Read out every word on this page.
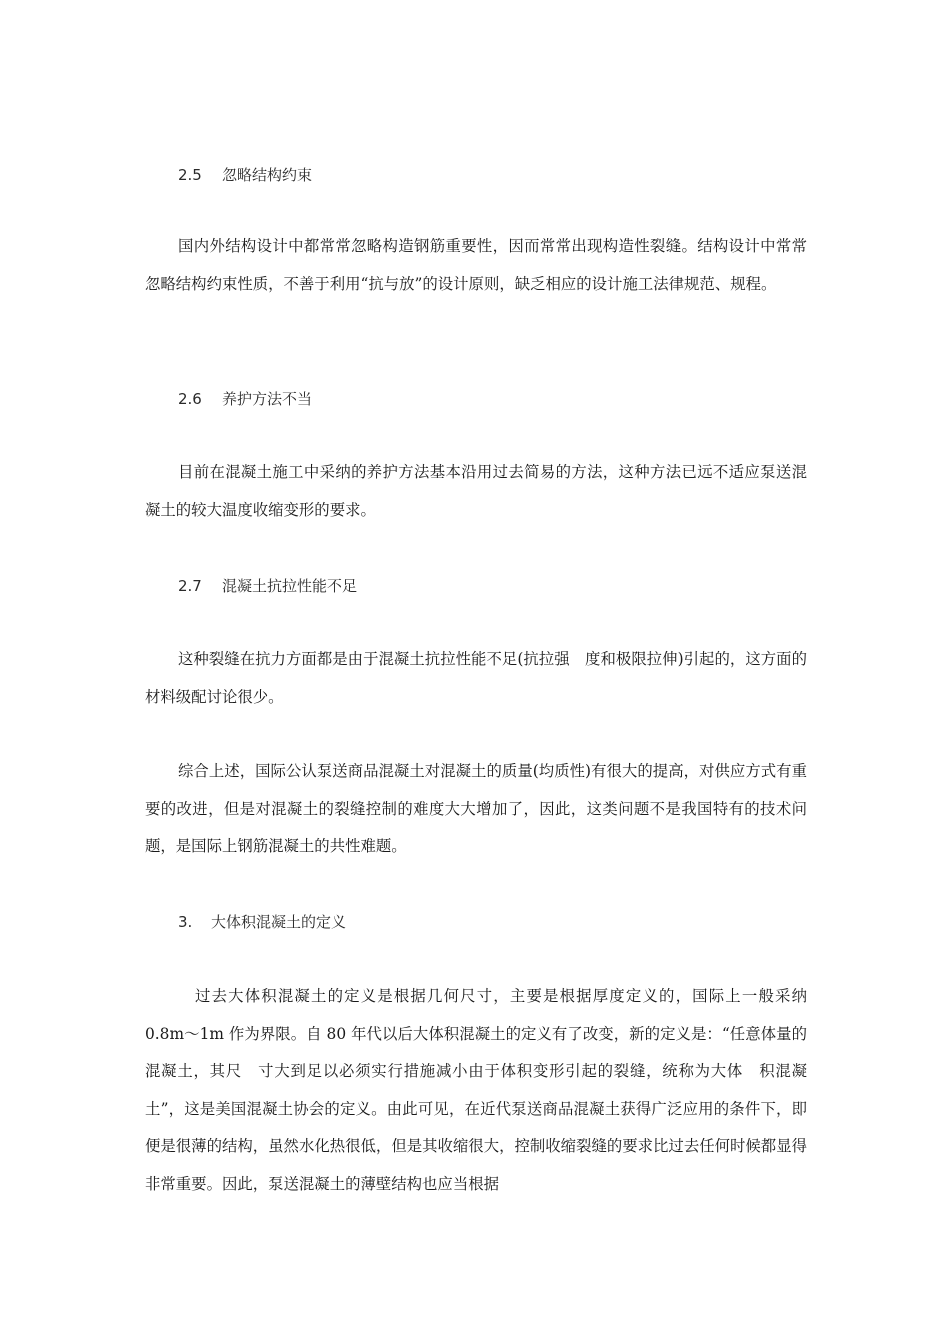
2.5 忽略结构约束

国内外结构设计中都常常忽略构造钢筋重要性，因而常常出现构造性裂缝。结构设计中常常忽略结构约束性质，不善于利用“抗与放”的设计原则，缺乏相应的设计施工法律规范、规程。

2.6 养护方法不当

目前在混凝土施工中采纳的养护方法基本沿用过去简易的方法，这种方法已远不适应泵送混凝土的较大温度收缩变形的要求。

2.7 混凝土抗拉性能不足

这种裂缝在抗力方面都是由于混凝土抗拉性能不足(抗拉强　度和极限拉伸)引起的，这方面的材料级配讨论很少。

综合上述，国际公认泵送商品混凝土对混凝土的质量(均质性)有很大的提高，对供应方式有重要的改进，但是对混凝土的裂缝控制的难度大大增加了，因此，这类问题不是我国特有的技术问题，是国际上钢筋混凝土的共性难题。

3. 大体积混凝土的定义

过去大体积混凝土的定义是根据几何尺寸，主要是根据厚度定义的，国际上一般采纳 0.8m～1m 作为界限。自 80 年代以后大体积混凝土的定义有了改变，新的定义是：“任意体量的混凝土，其尺　寸大到足以必须实行措施减小由于体积变形引起的裂缝，统称为大体　积混凝土”，这是美国混凝土协会的定义。由此可见，在近代泵送商品混凝土获得广泛应用的条件下，即便是很薄的结构，虽然水化热很低，但是其收缩很大，控制收缩裂缝的要求比过去任何时候都显得非常重要。因此，泵送混凝土的薄壁结构也应当根据
